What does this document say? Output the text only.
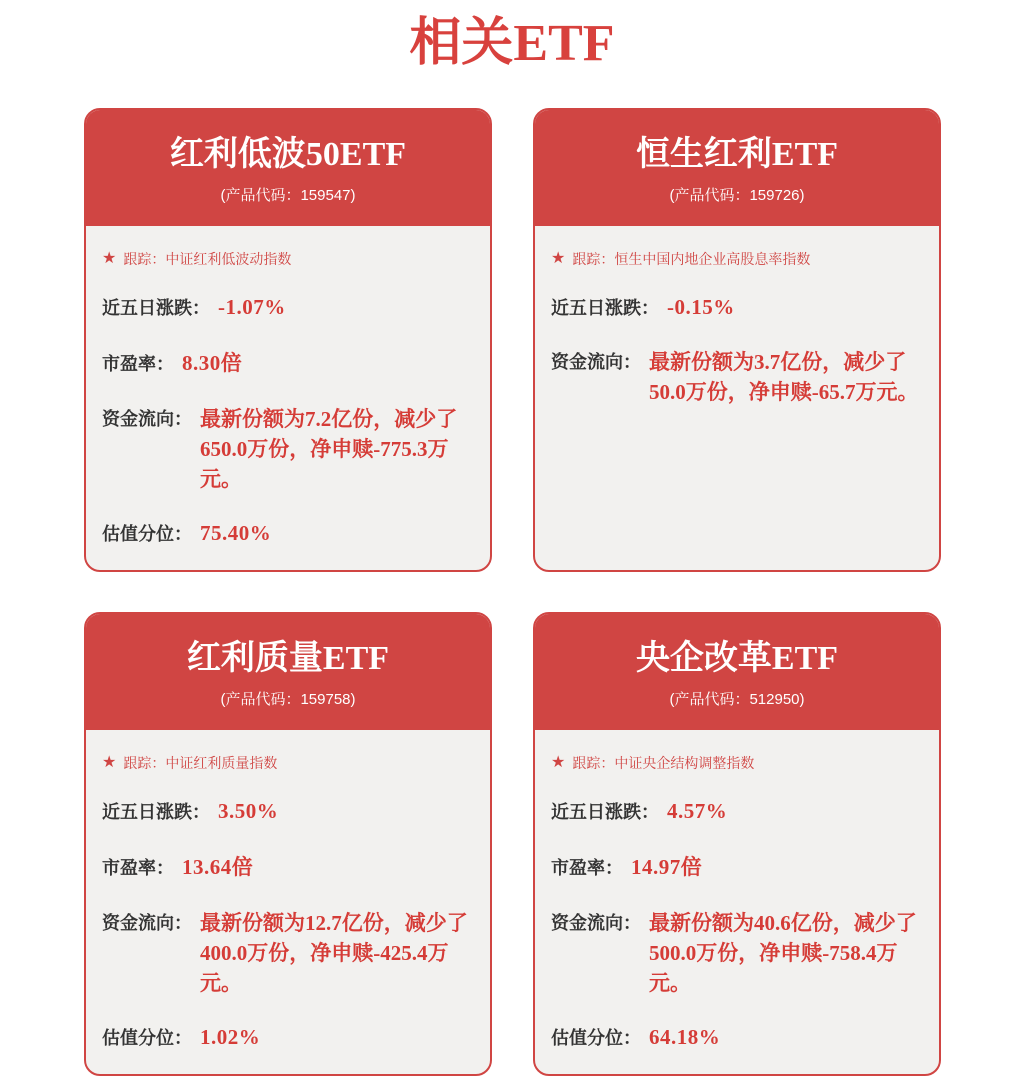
相关ETF
红利低波50ETF
(产品代码：159547)
★ 跟踪： 中证红利低波动指数
近五日涨跌： -1.07%
市盈率： 8.30倍
资金流向： 最新份额为7.2亿份，减少了650.0万份，净申赎-775.3万元。
估值分位： 75.40%
恒生红利ETF
(产品代码：159726)
★ 跟踪： 恒生中国内地企业高股息率指数
近五日涨跌： -0.15%
资金流向： 最新份额为3.7亿份，减少了50.0万份，净申赎-65.7万元。
红利质量ETF
(产品代码：159758)
★ 跟踪： 中证红利质量指数
近五日涨跌： 3.50%
市盈率： 13.64倍
资金流向： 最新份额为12.7亿份，减少了400.0万份，净申赎-425.4万元。
估值分位： 1.02%
央企改革ETF
(产品代码：512950)
★ 跟踪： 中证央企结构调整指数
近五日涨跌： 4.57%
市盈率： 14.97倍
资金流向： 最新份额为40.6亿份，减少了500.0万份，净申赎-758.4万元。
估值分位： 64.18%
